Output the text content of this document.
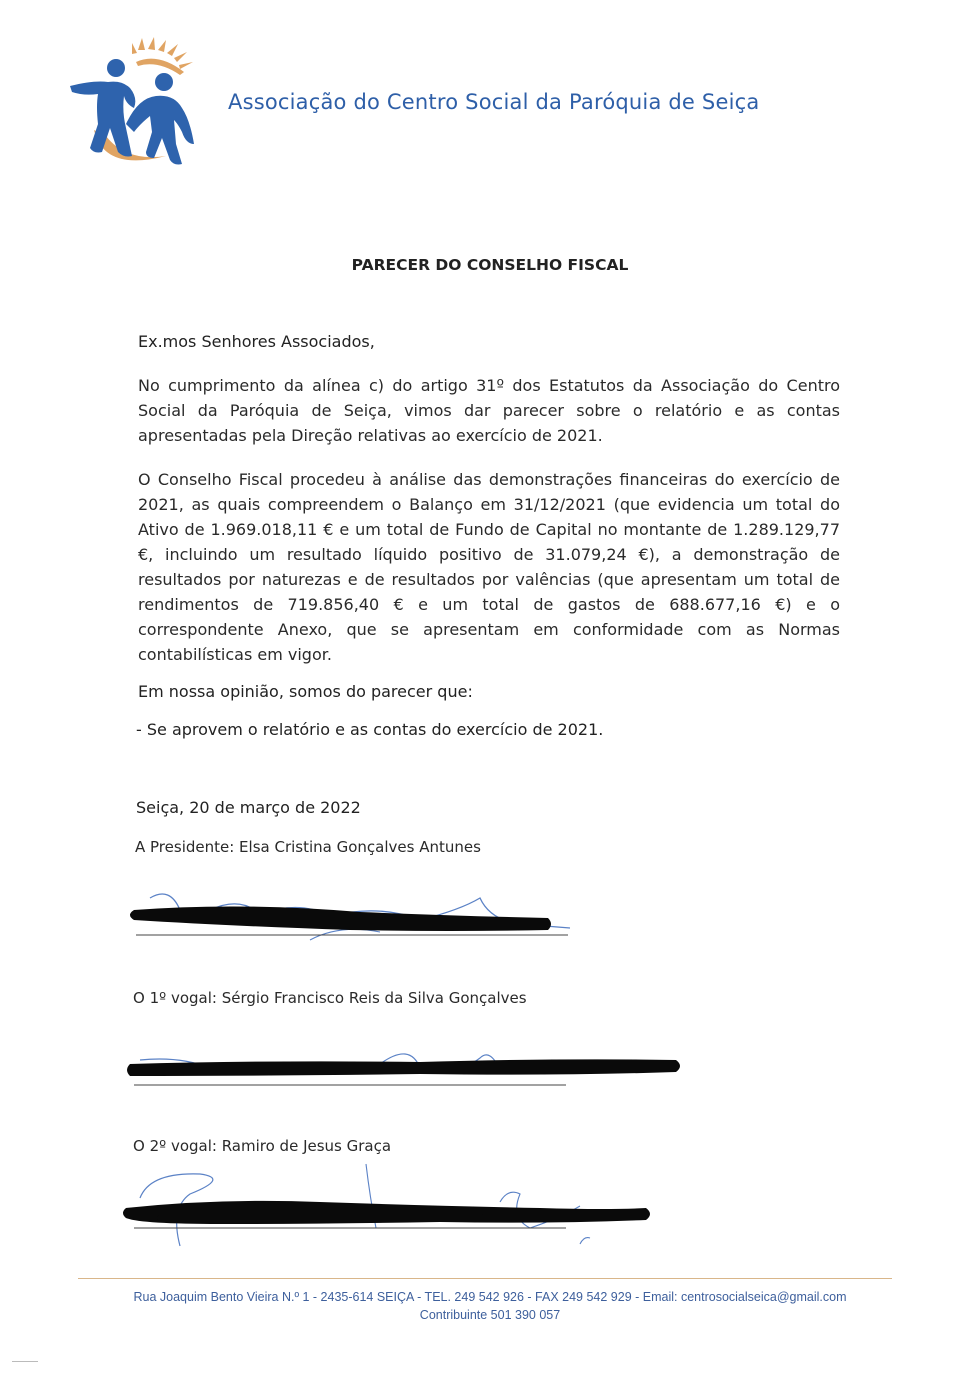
Associação do Centro Social da Paróquia de Seiça
PARECER DO CONSELHO FISCAL
Ex.mos Senhores Associados,
No cumprimento da alínea c) do artigo 31º dos Estatutos da Associação do Centro Social da Paróquia de Seiça, vimos dar parecer sobre o relatório e as contas apresentadas pela Direção relativas ao exercício de 2021.
O Conselho Fiscal procedeu à análise das demonstrações financeiras do exercício de 2021, as quais compreendem o Balanço em 31/12/2021 (que evidencia um total do Ativo de 1.969.018,11 € e um total de Fundo de Capital no montante de 1.289.129,77 €, incluindo um resultado líquido positivo de 31.079,24 €), a demonstração de resultados por naturezas e de resultados por valências (que apresentam um total de rendimentos de 719.856,40 € e um total de gastos de 688.677,16 €) e o correspondente Anexo, que se apresentam em conformidade com as Normas contabilísticas em vigor.
Em nossa opinião, somos do parecer que:
- Se aprovem o relatório e as contas do exercício de 2021.
Seiça, 20 de março de 2022
A Presidente: Elsa Cristina Gonçalves Antunes
O 1º vogal: Sérgio Francisco Reis da Silva Gonçalves
O 2º vogal: Ramiro de Jesus Graça
Rua Joaquim Bento Vieira N.º 1 - 2435-614 SEIÇA - TEL. 249 542 926 - FAX 249 542 929 - Email: centrosocialseica@gmail.com
Contribuinte 501 390 057
